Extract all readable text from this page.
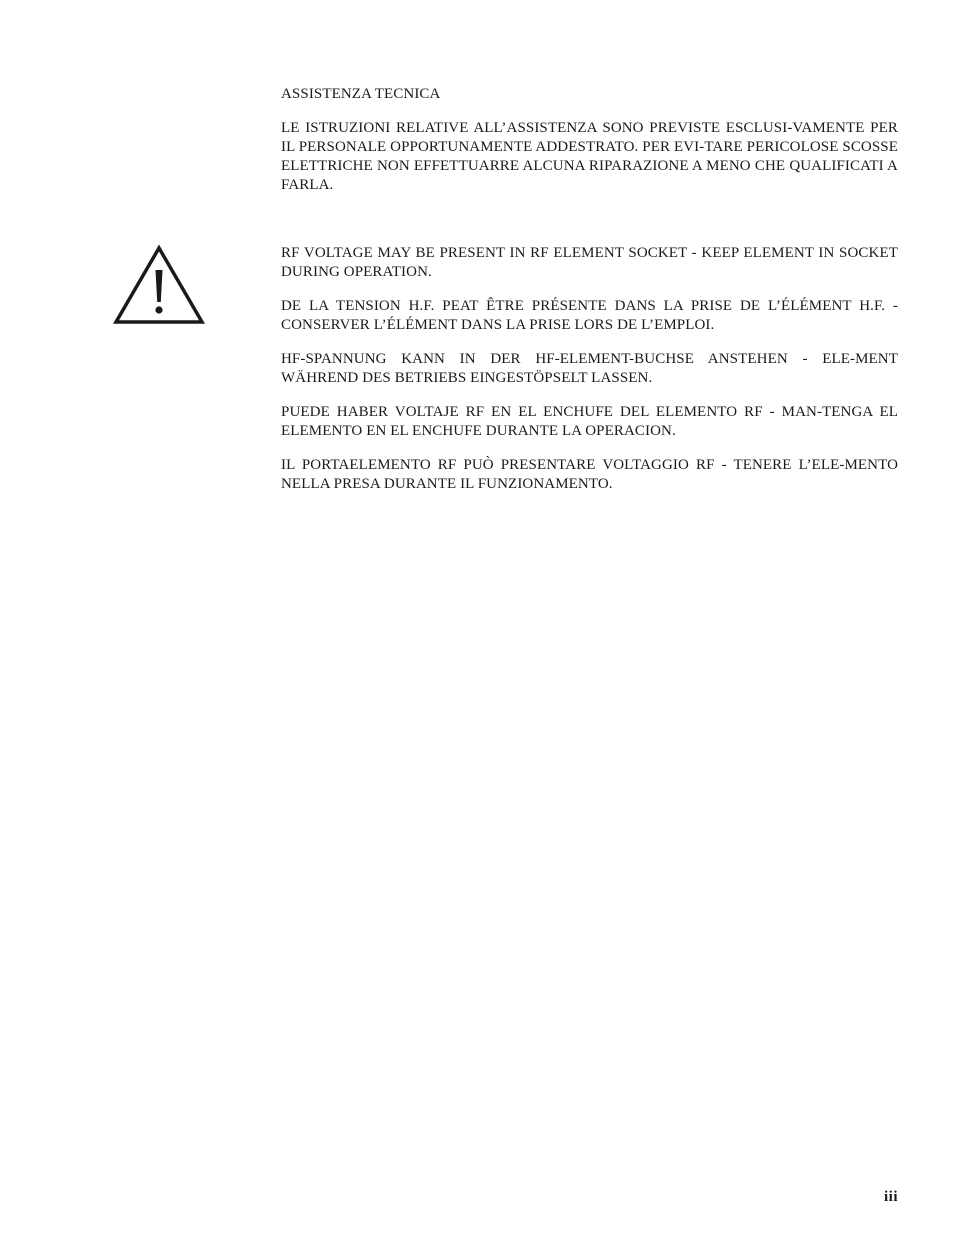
ASSISTENZA TECNICA

LE ISTRUZIONI RELATIVE ALL’ASSISTENZA SONO PREVISTE ESCLUSI-VAMENTE PER IL PERSONALE OPPORTUNAMENTE ADDESTRATO. PER EVI-TARE PERICOLOSE SCOSSE ELETTRICHE NON EFFETTUARRE ALCUNA RIPARAZIONE A MENO CHE QUALIFICATI A FARLA.

RF VOLTAGE MAY BE PRESENT IN RF ELEMENT SOCKET - KEEP ELEMENT IN SOCKET DURING OPERATION.

DE LA TENSION H.F. PEAT ÊTRE PRÉSENTE DANS LA PRISE DE L’ÉLÉMENT H.F. - CONSERVER L’ÉLÉMENT DANS LA PRISE LORS DE L’EMPLOI.

HF-SPANNUNG KANN IN DER HF-ELEMENT-BUCHSE ANSTEHEN - ELE-MENT WÄHREND DES BETRIEBS EINGESTÖPSELT LASSEN.

PUEDE HABER VOLTAJE RF EN EL ENCHUFE DEL ELEMENTO RF - MAN-TENGA EL ELEMENTO EN EL ENCHUFE DURANTE LA OPERACION.

IL PORTAELEMENTO RF PUÒ PRESENTARE VOLTAGGIO RF - TENERE L’ELE-MENTO NELLA PRESA DURANTE IL FUNZIONAMENTO.

iii
